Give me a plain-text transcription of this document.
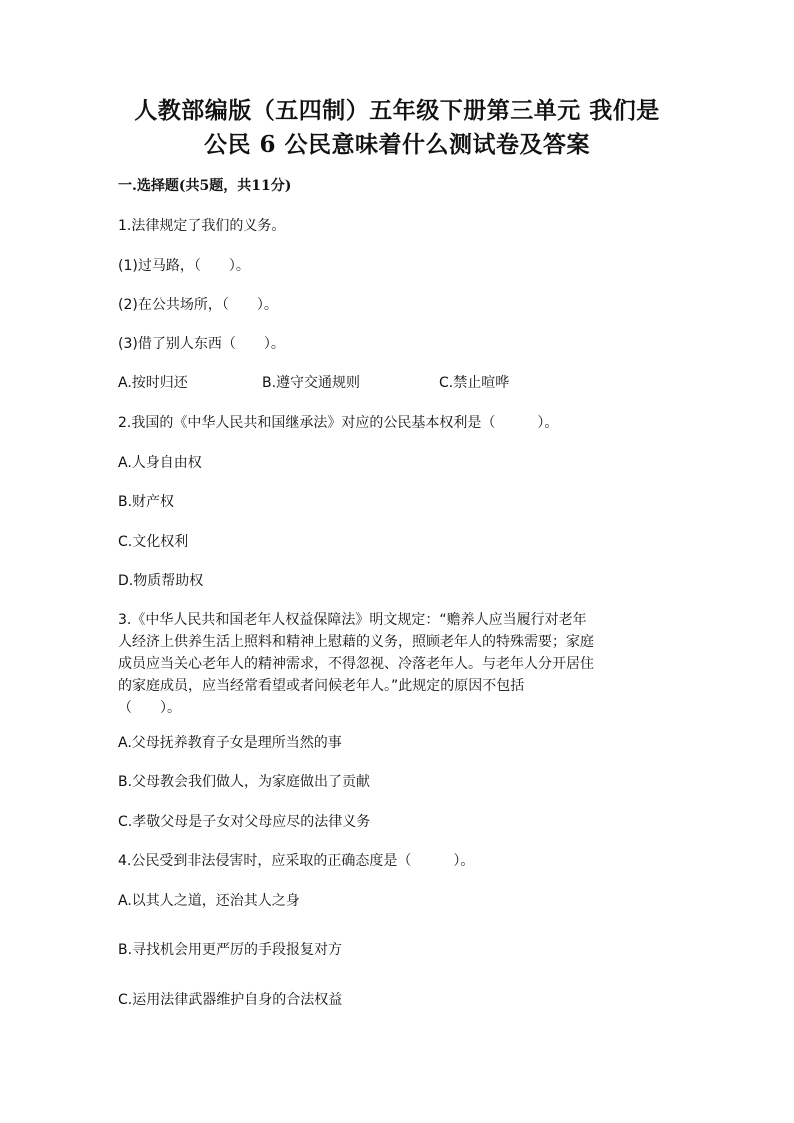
人教部编版（五四制）五年级下册第三单元 我们是
公民 6 公民意味着什么测试卷及答案
一.选择题(共5题，共11分)
1.法律规定了我们的义务。
(1)过马路，（　　）。
(2)在公共场所，（　　）。
(3)借了别人东西（　　）。
A.按时归还	B.遵守交通规则	C.禁止喧哗
2.我国的《中华人民共和国继承法》对应的公民基本权利是（　　　）。
A.人身自由权
B.财产权
C.文化权利
D.物质帮助权
3.《中华人民共和国老年人权益保障法》明文规定：“赡养人应当履行对老年
人经济上供养生活上照料和精神上慰藉的义务，照顾老年人的特殊需要；家庭
成员应当关心老年人的精神需求，不得忽视、冷落老年人。与老年人分开居住
的家庭成员，应当经常看望或者问候老年人。”此规定的原因不包括
（　　）。
A.父母抚养教育子女是理所当然的事
B.父母教会我们做人，为家庭做出了贡献
C.孝敬父母是子女对父母应尽的法律义务
4.公民受到非法侵害时，应采取的正确态度是（　　　）。
A.以其人之道，还治其人之身
B.寻找机会用更严厉的手段报复对方
C.运用法律武器维护自身的合法权益
